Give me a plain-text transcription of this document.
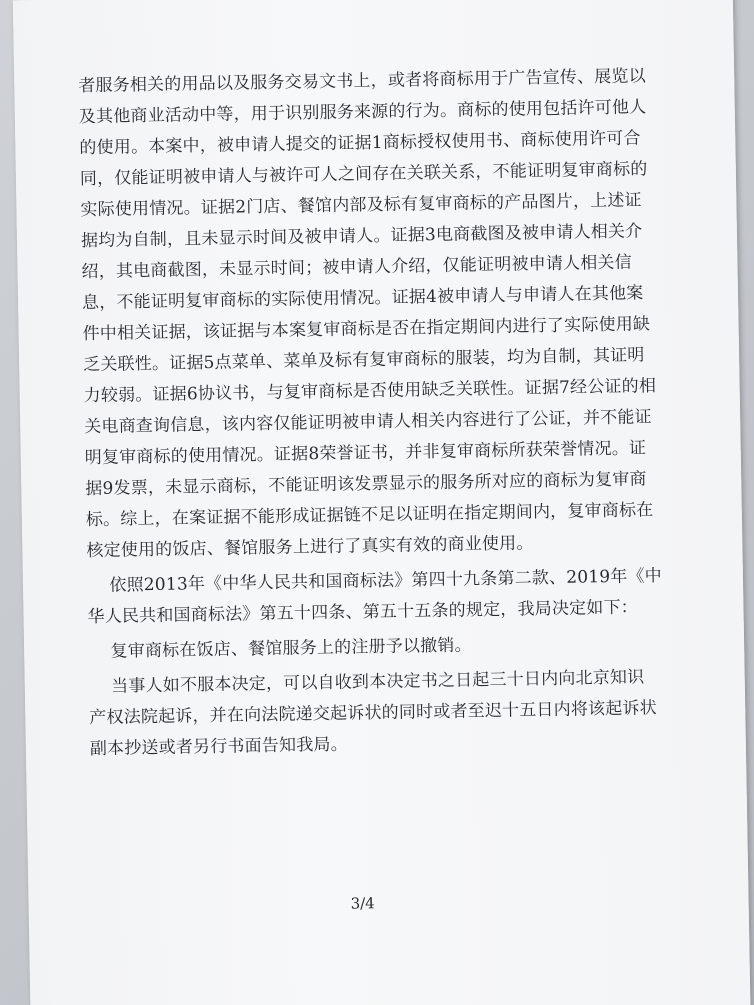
者服务相关的用品以及服务交易文书上，或者将商标用于广告宣传、展览以
及其他商业活动中等，用于识别服务来源的行为。商标的使用包括许可他人
的使用。本案中，被申请人提交的证据1商标授权使用书、商标使用许可合
同，仅能证明被申请人与被许可人之间存在关联关系，不能证明复审商标的
实际使用情况。证据2门店、餐馆内部及标有复审商标的产品图片，上述证
据均为自制，且未显示时间及被申请人。证据3电商截图及被申请人相关介
绍，其电商截图，未显示时间；被申请人介绍，仅能证明被申请人相关信
息，不能证明复审商标的实际使用情况。证据4被申请人与申请人在其他案
件中相关证据，该证据与本案复审商标是否在指定期间内进行了实际使用缺
乏关联性。证据5点菜单、菜单及标有复审商标的服装，均为自制，其证明
力较弱。证据6协议书，与复审商标是否使用缺乏关联性。证据7经公证的相
关电商查询信息，该内容仅能证明被申请人相关内容进行了公证，并不能证
明复审商标的使用情况。证据8荣誉证书，并非复审商标所获荣誉情况。证
据9发票，未显示商标，不能证明该发票显示的服务所对应的商标为复审商
标。综上，在案证据不能形成证据链不足以证明在指定期间内，复审商标在
核定使用的饭店、餐馆服务上进行了真实有效的商业使用。
依照2013年《中华人民共和国商标法》第四十九条第二款、2019年《中
华人民共和国商标法》第五十四条、第五十五条的规定，我局决定如下：
复审商标在饭店、餐馆服务上的注册予以撤销。
当事人如不服本决定，可以自收到本决定书之日起三十日内向北京知识
产权法院起诉，并在向法院递交起诉状的同时或者至迟十五日内将该起诉状
副本抄送或者另行书面告知我局。
3/4
